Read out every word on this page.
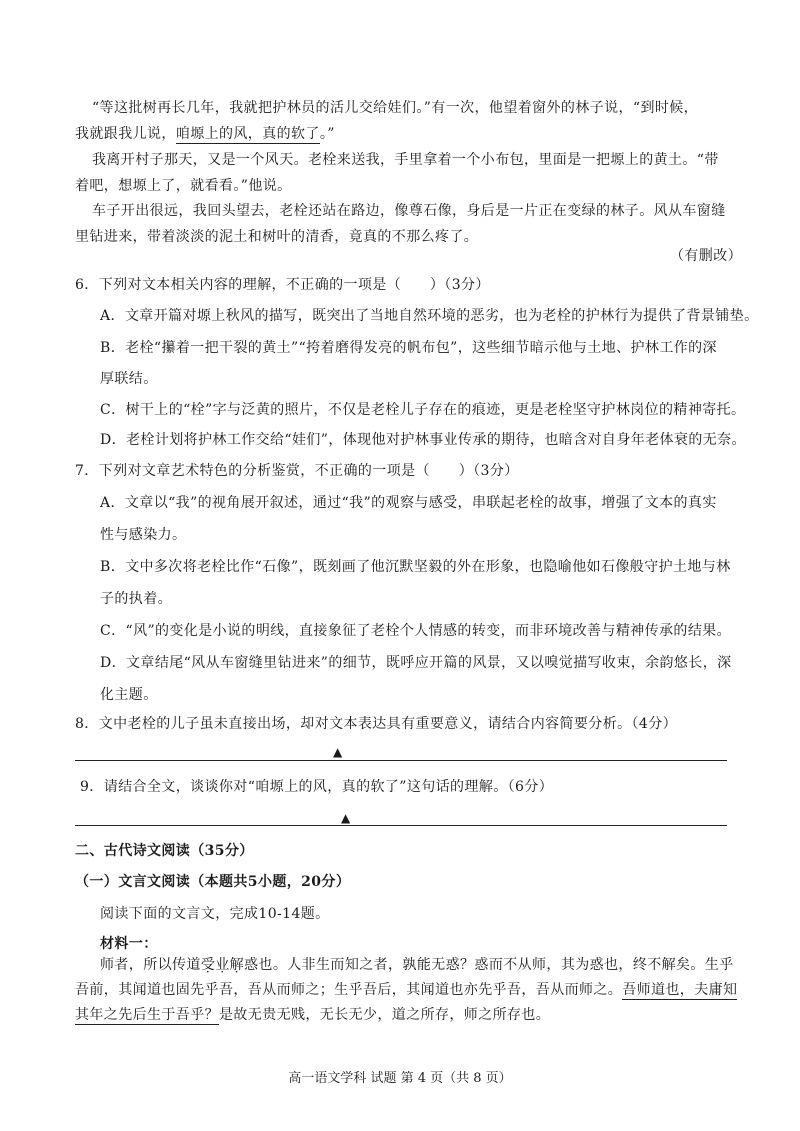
“等这批树再长几年，我就把护林员的活儿交给娃们。”有一次，他望着窗外的林子说，“到时候，
我就跟我儿说，咱塬上的风，真的软了。”
我离开村子那天，又是一个风天。老栓来送我，手里拿着一个小布包，里面是一把塬上的黄土。“带
着吧，想塬上了，就看看。”他说。
车子开出很远，我回头望去，老栓还站在路边，像尊石像，身后是一片正在变绿的林子。风从车窗缝
里钻进来，带着淡淡的泥土和树叶的清香，竟真的不那么疼了。
（有删改）
6．下列对文本相关内容的理解，不正确的一项是（　　）（3分）
A．文章开篇对塬上秋风的描写，既突出了当地自然环境的恶劣，也为老栓的护林行为提供了背景铺垫。
B．老栓“攥着一把干裂的黄土”“挎着磨得发亮的帆布包”，这些细节暗示他与土地、护林工作的深
厚联结。
C．树干上的“栓”字与泛黄的照片，不仅是老栓儿子存在的痕迹，更是老栓坚守护林岗位的精神寄托。
D．老栓计划将护林工作交给“娃们”，体现他对护林事业传承的期待，也暗含对自身年老体衰的无奈。
7．下列对文章艺术特色的分析鉴赏，不正确的一项是（　　）（3分）
A．文章以“我”的视角展开叙述，通过“我”的观察与感受，串联起老栓的故事，增强了文本的真实
性与感染力。
B．文中多次将老栓比作“石像”，既刻画了他沉默坚毅的外在形象，也隐喻他如石像般守护土地与林
子的执着。
C．“风”的变化是小说的明线，直接象征了老栓个人情感的转变，而非环境改善与精神传承的结果。
D．文章结尾“风从车窗缝里钻进来”的细节，既呼应开篇的风景，又以嗅觉描写收束，余韵悠长，深
化主题。
8．文中老栓的儿子虽未直接出场，却对文本表达具有重要意义，请结合内容简要分析。（4分）
▲
9．请结合全文，谈谈你对“咱塬上的风，真的软了”这句话的理解。（6分）
▲
二、古代诗文阅读（35分）
（一）文言文阅读（本题共5小题，20分）
阅读下面的文言文，完成10-14题。
材料一：
师者，所以传道受业解惑也。人非生而知之者，孰能无惑？惑而不从师，其为惑也，终不解矣。生乎
吾前，其闻道也固先乎吾，吾从而师之；生乎吾后，其闻道也亦先乎吾，吾从而师之。吾师道也，夫庸知
其年之先后生于吾乎？是故无贵无贱，无长无少，道之所存，师之所存也。
高一语文学科 试题 第 4 页（共 8 页）
